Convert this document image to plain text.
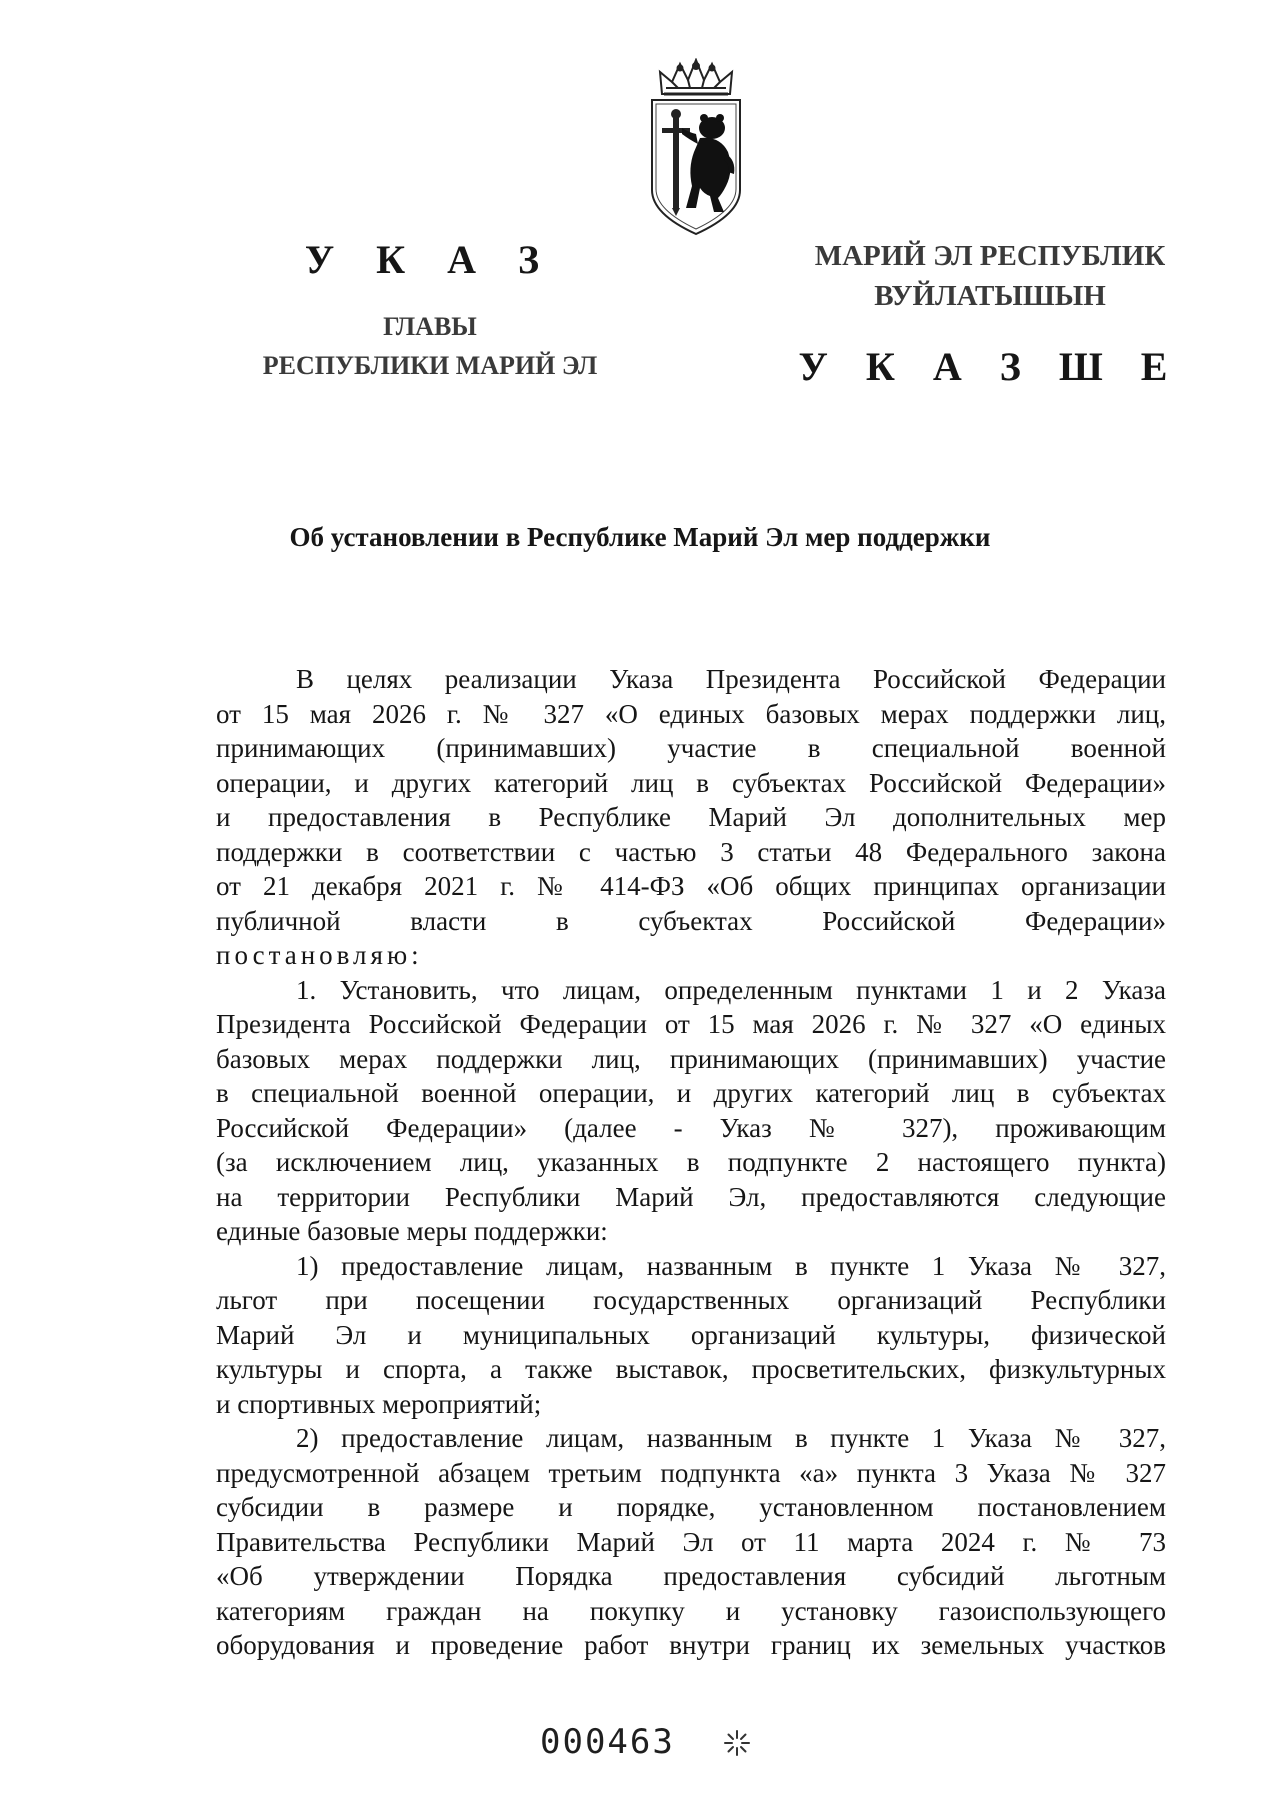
У К А З
ГЛАВЫ
РЕСПУБЛИКИ МАРИЙ ЭЛ
МАРИЙ ЭЛ РЕСПУБЛИК
ВУЙЛАТЫШЫН
У К А З Ш Е
Об установлении в Республике Марий Эл мер поддержки
В целях реализации Указа Президента Российской Федерации
от 15 мая 2026 г. № 327 «О единых базовых мерах поддержки лиц,
принимающих (принимавших) участие в специальной военной
операции, и других категорий лиц в субъектах Российской Федерации»
и предоставления в Республике Марий Эл дополнительных мер
поддержки в соответствии с частью 3 статьи 48 Федерального закона
от 21 декабря 2021 г. № 414-ФЗ «Об общих принципах организации
публичной власти в субъектах Российской Федерации»
постановляю:
1. Установить, что лицам, определенным пунктами 1 и 2 Указа
Президента Российской Федерации от 15 мая 2026 г. № 327 «О единых
базовых мерах поддержки лиц, принимающих (принимавших) участие
в специальной военной операции, и других категорий лиц в субъектах
Российской Федерации» (далее - Указ № 327), проживающим
(за исключением лиц, указанных в подпункте 2 настоящего пункта)
на территории Республики Марий Эл, предоставляются следующие
единые базовые меры поддержки:
1) предоставление лицам, названным в пункте 1 Указа № 327,
льгот при посещении государственных организаций Республики
Марий Эл и муниципальных организаций культуры, физической
культуры и спорта, а также выставок, просветительских, физкультурных
и спортивных мероприятий;
2) предоставление лицам, названным в пункте 1 Указа № 327,
предусмотренной абзацем третьим подпункта «а» пункта 3 Указа № 327
субсидии в размере и порядке, установленном постановлением
Правительства Республики Марий Эл от 11 марта 2024 г. № 73
«Об утверждении Порядка предоставления субсидий льготным
категориям граждан на покупку и установку газоиспользующего
оборудования и проведение работ внутри границ их земельных участков
000463
